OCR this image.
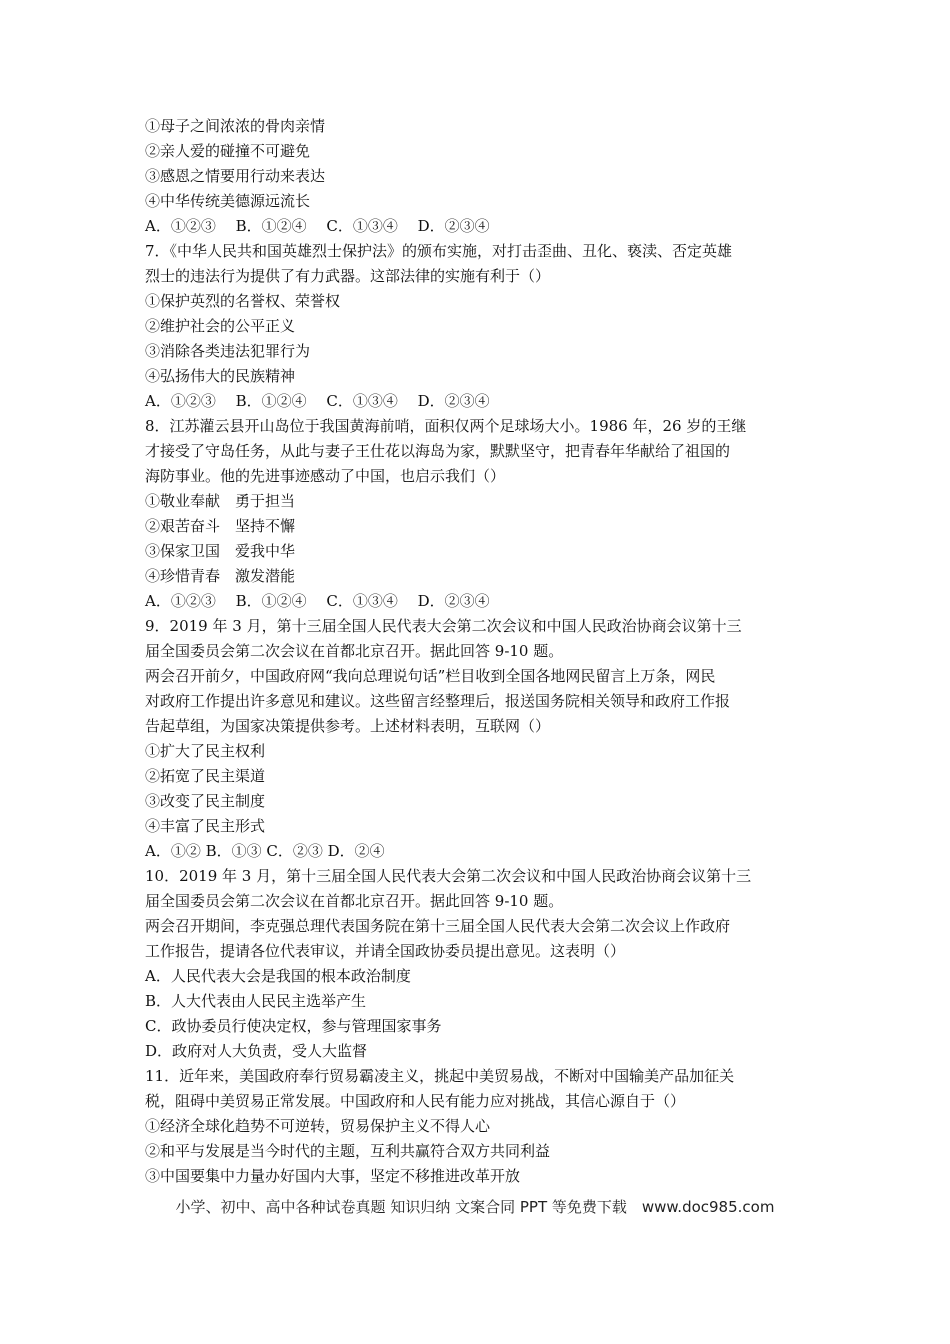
①母子之间浓浓的骨肉亲情
②亲人爱的碰撞不可避免
③感恩之情要用行动来表达
④中华传统美德源远流长
A．①②③　 B．①②④　 C．①③④　 D．②③④
7．《中华人民共和国英雄烈士保护法》的颁布实施，对打击歪曲、丑化、亵渎、否定英雄
烈士的违法行为提供了有力武器。这部法律的实施有利于（）
①保护英烈的名誉权、荣誉权
②维护社会的公平正义
③消除各类违法犯罪行为
④弘扬伟大的民族精神
A．①②③　 B．①②④　 C．①③④　 D．②③④
8．江苏灌云县开山岛位于我国黄海前哨，面积仅两个足球场大小。1986 年，26 岁的王继
才接受了守岛任务，从此与妻子王仕花以海岛为家，默默坚守，把青春年华献给了祖国的
海防事业。他的先进事迹感动了中国，也启示我们（）
①敬业奉献　勇于担当
②艰苦奋斗　坚持不懈
③保家卫国　爱我中华
④珍惜青春　激发潜能
A．①②③　 B．①②④　 C．①③④　 D．②③④
9．2019 年 3 月，第十三届全国人民代表大会第二次会议和中国人民政治协商会议第十三
届全国委员会第二次会议在首都北京召开。据此回答 9-10 题。
两会召开前夕，中国政府网“我向总理说句话”栏目收到全国各地网民留言上万条，网民
对政府工作提出许多意见和建议。这些留言经整理后，报送国务院相关领导和政府工作报
告起草组，为国家决策提供参考。上述材料表明，互联网（）
①扩大了民主权利
②拓宽了民主渠道
③改变了民主制度
④丰富了民主形式
A．①② B．①③ C．②③ D．②④
10．2019 年 3 月，第十三届全国人民代表大会第二次会议和中国人民政治协商会议第十三
届全国委员会第二次会议在首都北京召开。据此回答 9-10 题。
两会召开期间，李克强总理代表国务院在第十三届全国人民代表大会第二次会议上作政府
工作报告，提请各位代表审议，并请全国政协委员提出意见。这表明（）
A．人民代表大会是我国的根本政治制度
B．人大代表由人民民主选举产生
C．政协委员行使决定权，参与管理国家事务
D．政府对人大负责，受人大监督
11．近年来，美国政府奉行贸易霸凌主义，挑起中美贸易战，不断对中国输美产品加征关
税，阻碍中美贸易正常发展。中国政府和人民有能力应对挑战，其信心源自于（）
①经济全球化趋势不可逆转，贸易保护主义不得人心
②和平与发展是当今时代的主题，互利共赢符合双方共同利益
③中国要集中力量办好国内大事，坚定不移推进改革开放
小学、初中、高中各种试卷真题 知识归纳 文案合同 PPT 等免费下载　www.doc985.com
